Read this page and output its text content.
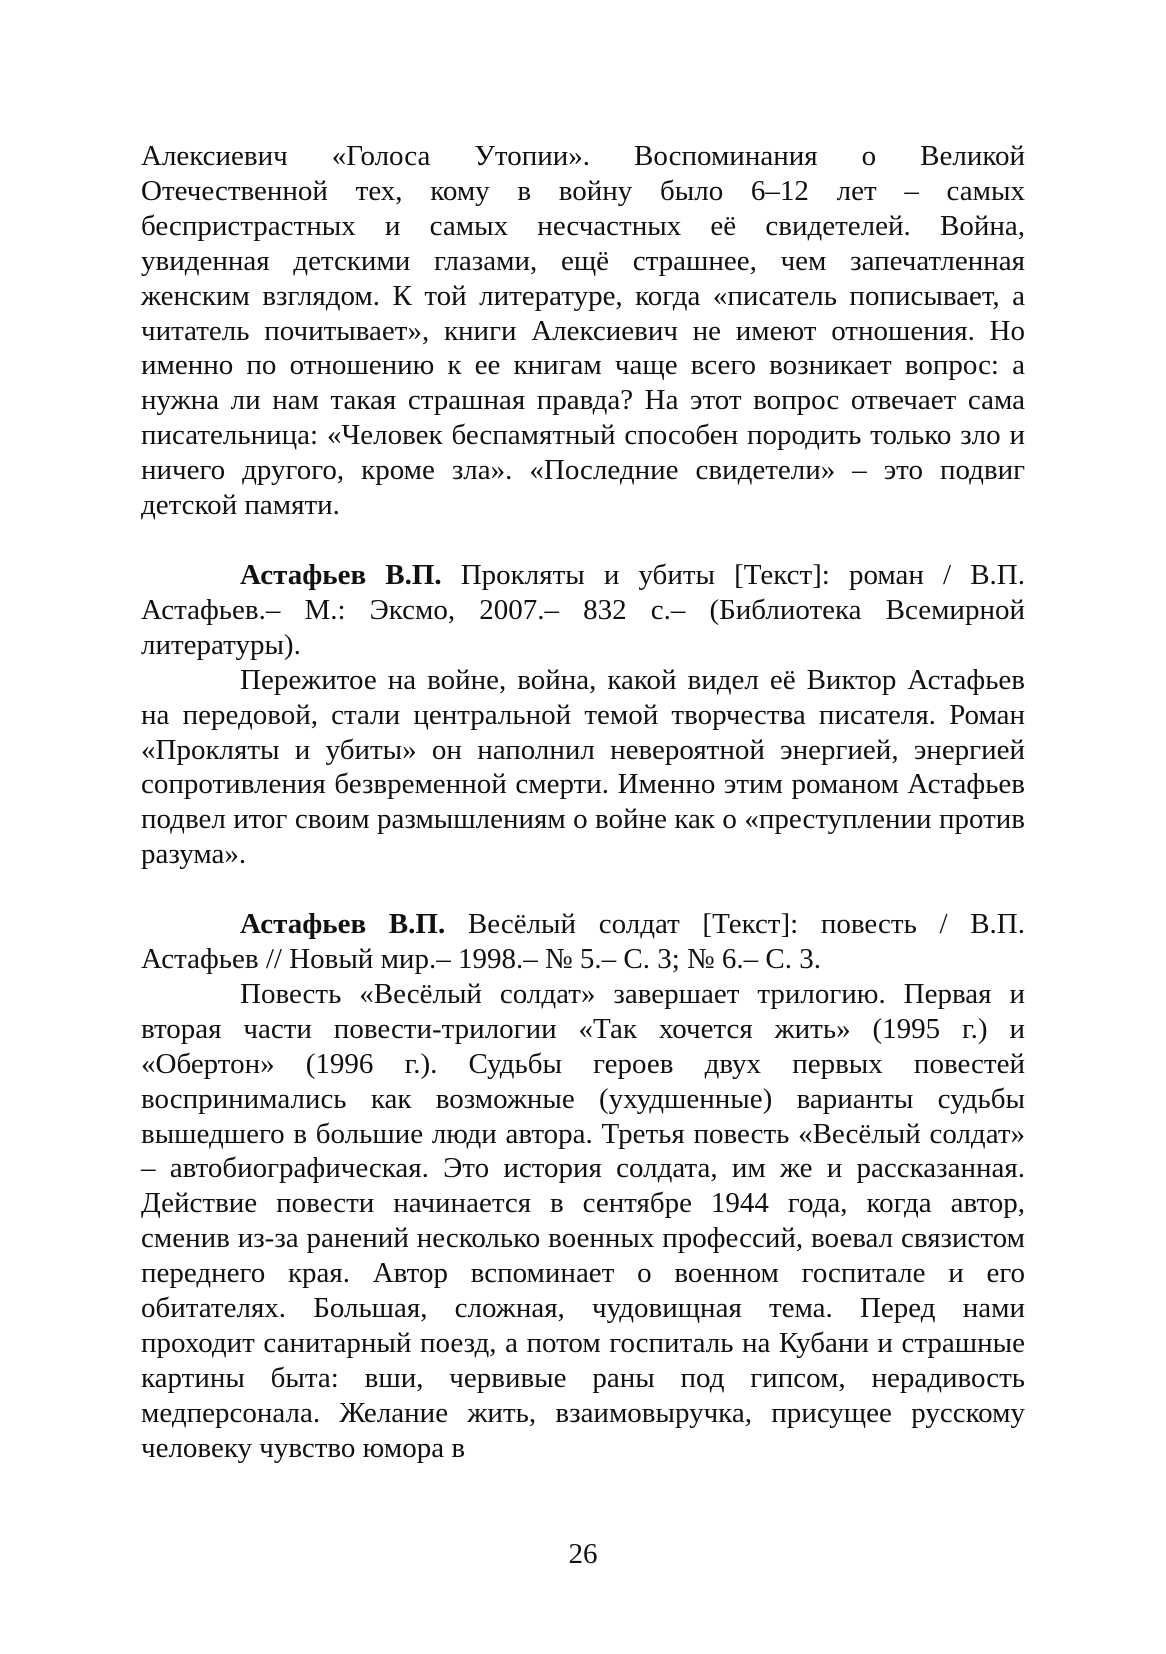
Алексиевич «Голоса Утопии». Воспоминания о Великой Отечественной тех, кому в войну было 6–12 лет – самых беспристрастных и самых несчастных её свидетелей. Война, увиденная детскими глазами, ещё страшнее, чем запечатленная женским взглядом. К той литературе, когда «писатель пописывает, а читатель почитывает», книги Алексиевич не имеют отношения. Но именно по отношению к ее книгам чаще всего возникает вопрос: а нужна ли нам такая страшная правда? На этот вопрос отвечает сама писательница: «Человек беспамятный способен породить только зло и ничего другого, кроме зла». «Последние свидетели» – это подвиг детской памяти.

Астафьев В.П. Прокляты и убиты [Текст]: роман / В.П. Астафьев.– М.: Эксмо, 2007.– 832 с.– (Библиотека Всемирной литературы).

Пережитое на войне, война, какой видел её Виктор Астафьев на передовой, стали центральной темой творчества писателя. Роман «Прокляты и убиты» он наполнил невероятной энергией, энергией сопротивления безвременной смерти. Именно этим романом Астафьев подвел итог своим размышлениям о войне как о «преступлении против разума».

Астафьев В.П. Весёлый солдат [Текст]: повесть / В.П. Астафьев // Новый мир.– 1998.– № 5.– С. 3; № 6.– С. 3.

Повесть «Весёлый солдат» завершает трилогию. Первая и вторая части повести-трилогии «Так хочется жить» (1995 г.) и «Обертон» (1996 г.). Судьбы героев двух первых повестей воспринимались как возможные (ухудшенные) варианты судьбы вышедшего в большие люди автора. Третья повесть «Весёлый солдат» – автобиографическая. Это история солдата, им же и рассказанная. Действие повести начинается в сентябре 1944 года, когда автор, сменив из-за ранений несколько военных профессий, воевал связистом переднего края. Автор вспоминает о военном госпитале и его обитателях. Большая, сложная, чудовищная тема. Перед нами проходит санитарный поезд, а потом госпиталь на Кубани и страшные картины быта: вши, червивые раны под гипсом, нерадивость медперсонала. Желание жить, взаимовыручка, присущее русскому человеку чувство юмора в

26
